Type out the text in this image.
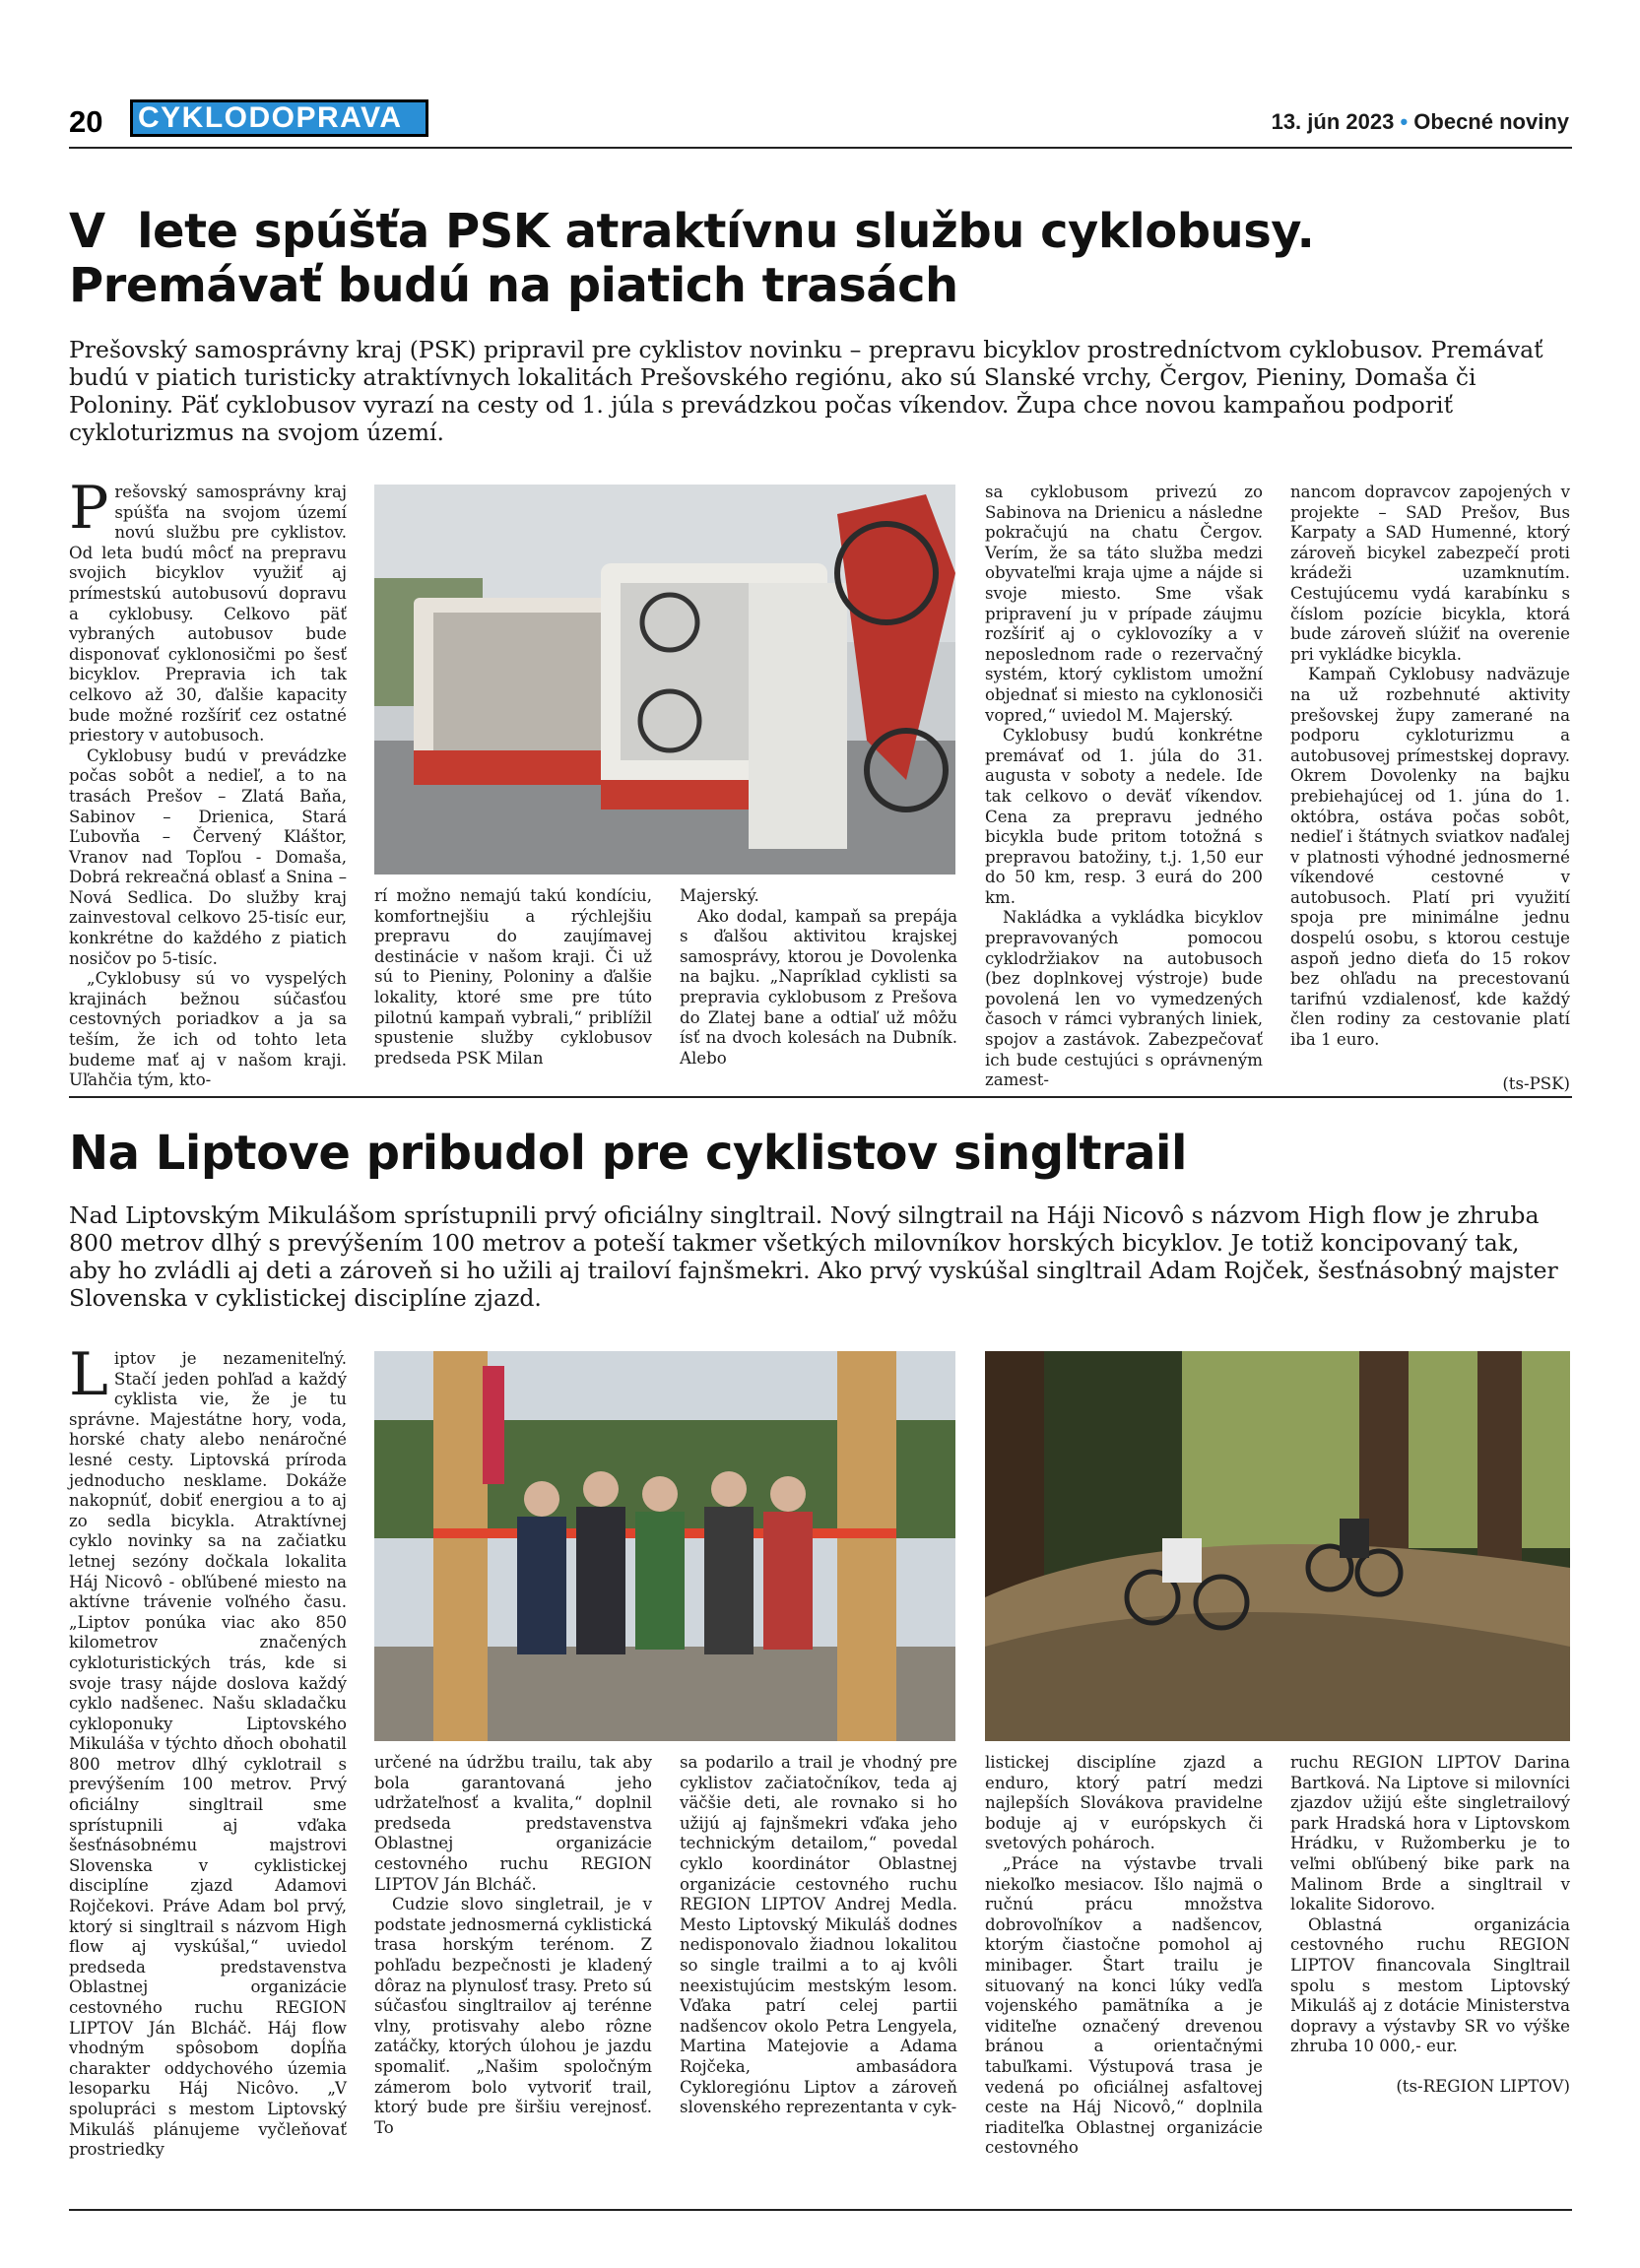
20 CYKLODOPRAVA	13. jún 2023 • Obecné noviny
V  lete spúšťa PSK atraktívnu službu cyklobusy.
Premávať budú na piatich trasách
Prešovský samosprávny kraj (PSK) pripravil pre cyklistov novinku – prepravu bicyklov prostredníctvom cyklobusov. Premávať budú v piatich turisticky atraktívnych lokalitách Prešovského regiónu, ako sú Slanské vrchy, Čergov, Pieniny, Domaša či Poloniny. Päť cyklobusov vyrazí na cesty od 1. júla s prevádzkou počas víkendov. Župa chce novou kampaňou podporiť cykloturizmus na svojom území.

Prešovský samosprávny kraj spúšťa na svojom území novú službu pre cyklistov. Od leta budú môcť na prepravu svojich bicyklov využiť aj prímestskú autobusovú dopravu a cyklobusy. Celkovo päť vybraných autobusov bude disponovať cyklonosičmi po šesť bicyklov. Prepravia ich tak celkovo až 30, ďalšie kapacity bude možné rozšíriť cez ostatné priestory v autobusoch.

Cyklobusy budú v prevádzke počas sobôt a nedieľ, a to na trasách Prešov – Zlatá Baňa, Sabinov – Drienica, Stará Ľubovňa – Červený Kláštor, Vranov nad Topľou - Domaša, Dobrá rekreačná oblasť a Snina – Nová Sedlica. Do služby kraj zainvestoval celkovo 25-tisíc eur, konkrétne do každého z piatich nosičov po 5-tisíc.

„Cyklobusy sú vo vyspelých krajinách bežnou súčasťou cestovných poriadkov a ja sa teším, že ich od tohto leta budeme mať aj v našom kraji. Uľahčia tým, kto-

rí možno nemajú takú kondíciu, komfortnejšiu a rýchlejšiu prepravu do zaujímavej destinácie v našom kraji. Či už sú to Pieniny, Poloniny a ďalšie lokality, ktoré sme pre túto pilotnú kampaň vybrali,“ priblížil spustenie služby cyklobusov predseda PSK Milan

Majerský.

Ako dodal, kampaň sa prepája s ďalšou aktivitou krajskej samosprávy, ktorou je Dovolenka na bajku. „Napríklad cyklisti sa prepravia cyklobusom z Prešova do Zlatej bane a odtiaľ už môžu ísť na dvoch kolesách na Dubník. Alebo

sa cyklobusom privezú zo Sabinova na Drienicu a následne pokračujú na chatu Čergov. Verím, že sa táto služba medzi obyvateľmi kraja ujme a nájde si svoje miesto. Sme však pripravení ju v prípade záujmu rozšíriť aj o cyklovozíky a v neposlednom rade o rezervačný systém, ktorý cyklistom umožní objednať si miesto na cyklonosiči vopred,“ uviedol M. Majerský.

Cyklobusy budú konkrétne premávať od 1. júla do 31. augusta v soboty a nedele. Ide tak celkovo o deväť víkendov. Cena za prepravu jedného bicykla bude pritom totožná s prepravou batožiny, t.j. 1,50 eur do 50 km, resp. 3 eurá do 200 km.

Nakládka a vykládka bicyklov prepravovaných pomocou cyklodržiakov na autobusoch (bez doplnkovej výstroje) bude povolená len vo vymedzených časoch v rámci vybraných liniek, spojov a zastávok. Zabezpečovať ich bude cestujúci s oprávneným zamest-

nancom dopravcov zapojených v projekte – SAD Prešov, Bus Karpaty a SAD Humenné, ktorý zároveň bicykel zabezpečí proti krádeži uzamknutím. Cestujúcemu vydá karabínku s číslom pozície bicykla, ktorá bude zároveň slúžiť na overenie pri vykládke bicykla.

Kampaň Cyklobusy nadväzuje na už rozbehnuté aktivity prešovskej župy zamerané na podporu cykloturizmu a autobusovej prímestskej dopravy. Okrem Dovolenky na bajku prebiehajúcej od 1. júna do 1. októbra, ostáva počas sobôt, nedieľ i štátnych sviatkov naďalej v platnosti výhodné jednosmerné víkendové cestovné v autobusoch. Platí pri využití spoja pre minimálne jednu dospelú osobu, s ktorou cestuje aspoň jedno dieťa do 15 rokov bez ohľadu na precestovanú tarifnú vzdialenosť, kde každý člen rodiny za cestovanie platí iba 1 euro.

(ts-PSK)
Na Liptove pribudol pre cyklistov singltrail
Nad Liptovským Mikulášom sprístupnili prvý oficiálny singltrail. Nový silngtrail na Háji Nicovô s názvom High flow je zhruba 800 metrov dlhý s prevýšením 100 metrov a poteší takmer všetkých milovníkov horských bicyklov. Je totiž koncipovaný tak, aby ho zvládli aj deti a zároveň si ho užili aj trailoví fajnšmekri. Ako prvý vyskúšal singltrail Adam Rojček, šesťnásobný majster Slovenska v cyklistickej disciplíne zjazd.

Liptov je nezameniteľný. Stačí jeden pohľad a každý cyklista vie, že je tu správne. Majestátne hory, voda, horské chaty alebo nenáročné lesné cesty. Liptovská príroda jednoducho nesklame. Dokáže nakopnúť, dobiť energiou a to aj zo sedla bicykla. Atraktívnej cyklo novinky sa na začiatku letnej sezóny dočkala lokalita Háj Nicovô - obľúbené miesto na aktívne trávenie voľného času. „Liptov ponúka viac ako 850 kilometrov značených cykloturistických trás, kde si svoje trasy nájde doslova každý cyklo nadšenec. Našu skladačku cykloponuky Liptovského Mikuláša v týchto dňoch obohatil 800 metrov dlhý cyklotrail s prevýšením 100 metrov. Prvý oficiálny singltrail sme sprístupnili aj vďaka šesťnásobnému majstrovi Slovenska v cyklistickej disciplíne zjazd Adamovi Rojčekovi. Práve Adam bol prvý, ktorý si singltrail s názvom High flow aj vyskúšal,“ uviedol predseda predstavenstva Oblastnej organizácie cestovného ruchu REGION LIPTOV Ján Blcháč. Háj flow vhodným spôsobom dopĺňa charakter oddychového územia lesoparku Háj Nicôvo. „V spolupráci s mestom Liptovský Mikuláš plánujeme vyčleňovať prostriedky

určené na údržbu trailu, tak aby bola garantovaná jeho udržateľnosť a kvalita,“ doplnil predseda predstavenstva Oblastnej organizácie cestovného ruchu REGION LIPTOV Ján Blcháč.

Cudzie slovo singletrail, je v podstate jednosmerná cyklistická trasa horským terénom. Z pohľadu bezpečnosti je kladený dôraz na plynulosť trasy. Preto sú súčasťou singltrailov aj terénne vlny, protisvahy alebo rôzne zatáčky, ktorých úlohou je jazdu spomaliť. „Našim spoločným zámerom bolo vytvoriť trail, ktorý bude pre širšiu verejnosť. To

sa podarilo a trail je vhodný pre cyklistov začiatočníkov, teda aj väčšie deti, ale rovnako si ho užijú aj fajnšmekri vďaka jeho technickým detailom,“ povedal cyklo koordinátor Oblastnej organizácie cestovného ruchu REGION LIPTOV Andrej Medla. Mesto Liptovský Mikuláš dodnes nedisponovalo žiadnou lokalitou so single trailmi a to aj kvôli neexistujúcim mestským lesom. Vďaka patrí celej partii nadšencov okolo Petra Lengyela, Martina Matejovie a Adama Rojčeka, ambasádora Cykloregiónu Liptov a zároveň slovenského reprezentanta v cyk-

listickej disciplíne zjazd a enduro, ktorý patrí medzi najlepších Slovákova pravidelne boduje aj v európskych či svetových pohároch.

„Práce na výstavbe trvali niekoľko mesiacov. Išlo najmä o ručnú prácu množstva dobrovoľníkov a nadšencov, ktorým čiastočne pomohol aj minibager. Štart trailu je situovaný na konci lúky vedľa vojenského pamätníka a je viditeľne označený drevenou bránou a orientačnými tabuľkami. Výstupová trasa je vedená po oficiálnej asfaltovej ceste na Háj Nicovô,“ doplnila riaditeľka Oblastnej organizácie cestovného

ruchu REGION LIPTOV Darina Bartková. Na Liptove si milovníci zjazdov užijú ešte singletrailový park Hradská hora v Liptovskom Hrádku, v Ružomberku je to veľmi obľúbený bike park na Malinom Brde a singltrail v lokalite Sidorovo.

Oblastná organizácia cestovného ruchu REGION LIPTOV financovala Singltrail spolu s mestom Liptovský Mikuláš aj z dotácie Ministerstva dopravy a výstavby SR vo výške zhruba 10 000,- eur.

(ts-REGION LIPTOV)
